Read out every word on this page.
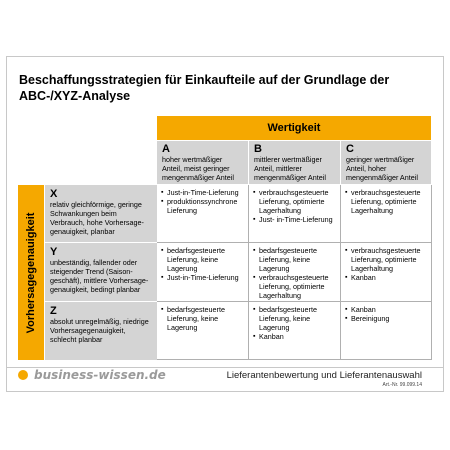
Beschaffungsstrategien für Einkaufteile auf der Grundlage der ABC-/XYZ-Analyse
Wertigkeit
A
hoher wertmäßiger Anteil, meist geringer mengenmäßiger Anteil
B
mittlerer wertmäßiger Anteil, mittlerer mengenmäßiger Anteil
C
geringer wertmäßiger Anteil, hoher mengenmäßiger Anteil
Vorhersagegenauigkeit
X
relativ gleichförmige, geringe Schwankungen beim Verbrauch, hohe Vorhersage-genauigkeit, planbar
▪ Just-in-Time-Lieferung
▪ produktionssynchrone Lieferung
▪ verbrauchsgesteuerte Lieferung, optimierte Lagerhaltung
▪ Just- in-Time-Lieferung
▪ verbrauchsgesteuerte Lieferung, optimierte Lagerhaltung
Y
unbeständig, fallender oder steigender Trend (Saison-geschäft), mittlere Vorhersage-genauigkeit, bedingt planbar
▪ bedarfsgesteuerte Lieferung, keine Lagerung
▪ Just-in-Time-Lieferung
▪ bedarfsgesteuerte Lieferung, keine Lagerung
▪ verbrauchsgesteuerte Lieferung, optimierte Lagerhaltung
▪ verbrauchsgesteuerte Lieferung, optimierte Lagerhaltung
▪ Kanban
Z
absolut unregelmäßig, niedrige Vorhersagegenauigkeit, schlecht planbar
▪ bedarfsgesteuerte Lieferung, keine Lagerung
▪ bedarfsgesteuerte Lieferung, keine Lagerung
▪ Kanban
▪ Kanban
▪ Bereinigung
business-wissen.de	Lieferantenbewertung und Lieferantenauswahl
Art.-Nr. 99.099.14
